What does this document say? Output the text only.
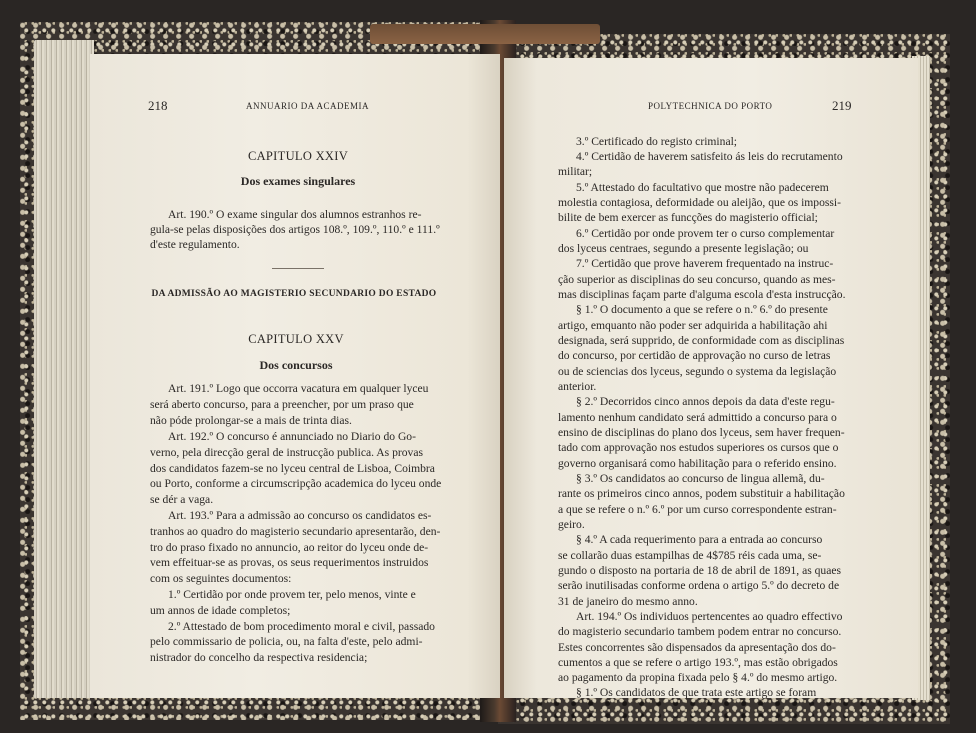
218	ANNUARIO DA ACADEMIA
CAPITULO XXIV
Dos exames singulares
Art. 190.º O exame singular dos alumnos estranhos re-
gula-se pelas disposições dos artigos 108.º, 109.º, 110.º e 111.º
d'este regulamento.
DA ADMISSÃO AO MAGISTERIO SECUNDARIO DO ESTADO
CAPITULO XXV
Dos concursos
Art. 191.º Logo que occorra vacatura em qualquer lyceu
será aberto concurso, para a preencher, por um praso que
não póde prolongar-se a mais de trinta dias.
Art. 192.º O concurso é annunciado no Diario do Go-
verno, pela direcção geral de instrucção publica. As provas
dos candidatos fazem-se no lyceu central de Lisboa, Coimbra
ou Porto, conforme a circumscripção academica do lyceu onde
se dér a vaga.
Art. 193.º Para a admissão ao concurso os candidatos es-
tranhos ao quadro do magisterio secundario apresentarão, den-
tro do praso fixado no annuncio, ao reitor do lyceu onde de-
vem effeituar-se as provas, os seus requerimentos instruidos
com os seguintes documentos:
1.º Certidão por onde provem ter, pelo menos, vinte e
um annos de idade completos;
2.º Attestado de bom procedimento moral e civil, passado
pelo commissario de policia, ou, na falta d'este, pelo admi-
nistrador do concelho da respectiva residencia;
POLYTECHNICA DO PORTO	219
3.º Certificado do registo criminal;
4.º Certidão de haverem satisfeito ás leis do recrutamento
militar;
5.º Attestado do facultativo que mostre não padecerem
molestia contagiosa, deformidade ou aleijão, que os impossi-
bilite de bem exercer as funcções do magisterio official;
6.º Certidão por onde provem ter o curso complementar
dos lyceus centraes, segundo a presente legislação; ou
7.º Certidão que prove haverem frequentado na instruc-
ção superior as disciplinas do seu concurso, quando as mes-
mas disciplinas façam parte d'alguma escola d'esta instrucção.
§ 1.º O documento a que se refere o n.º 6.º do presente
artigo, emquanto não poder ser adquirida a habilitação ahi
designada, será supprido, de conformidade com as disciplinas
do concurso, por certidão de approvação no curso de letras
ou de sciencias dos lyceus, segundo o systema da legislação
anterior.
§ 2.º Decorridos cinco annos depois da data d'este regu-
lamento nenhum candidato será admittido a concurso para o
ensino de disciplinas do plano dos lyceus, sem haver frequen-
tado com approvação nos estudos superiores os cursos que o
governo organisará como habilitação para o referido ensino.
§ 3.º Os candidatos ao concurso de lingua allemã, du-
rante os primeiros cinco annos, podem substituir a habilitação
a que se refere o n.º 6.º por um curso correspondente estran-
geiro.
§ 4.º A cada requerimento para a entrada ao concurso
se collarão duas estampilhas de 4$785 réis cada uma, se-
gundo o disposto na portaria de 18 de abril de 1891, as quaes
serão inutilisadas conforme ordena o artigo 5.º do decreto de
31 de janeiro do mesmo anno.
Art. 194.º Os individuos pertencentes ao quadro effectivo
do magisterio secundario tambem podem entrar no concurso.
Estes concorrentes são dispensados da apresentação dos do-
cumentos a que se refere o artigo 193.º, mas estão obrigados
ao pagamento da propina fixada pelo § 4.º do mesmo artigo.
§ 1.º Os candidatos de que trata este artigo se foram
